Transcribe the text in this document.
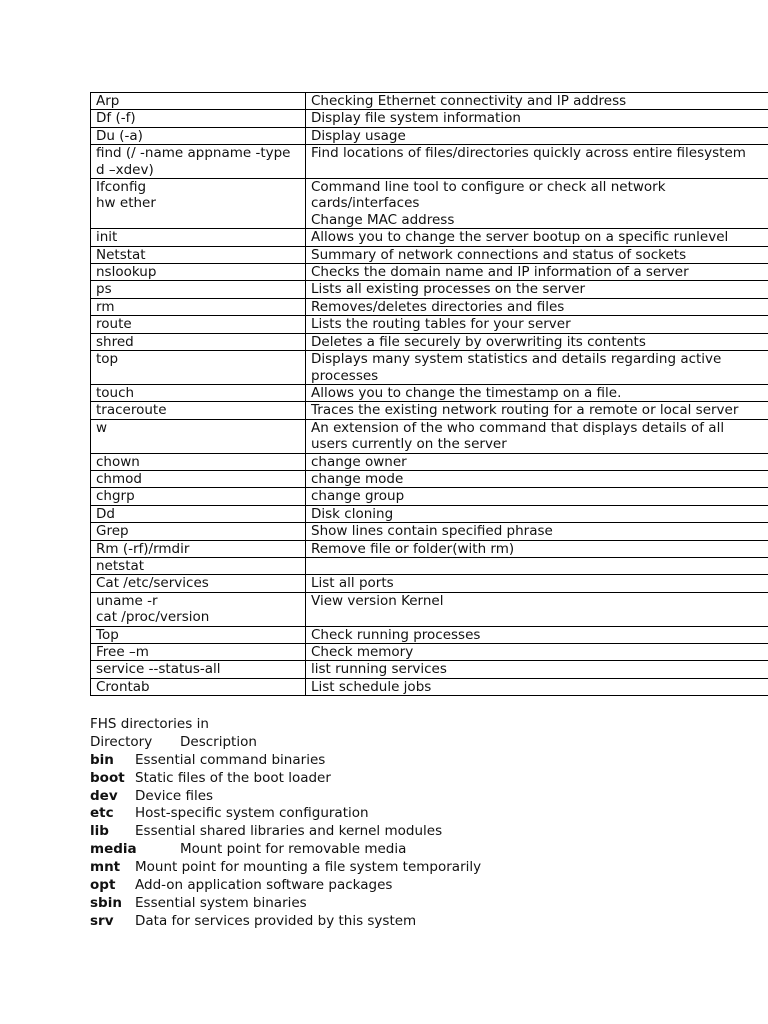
Arp	Checking Ethernet connectivity and IP address
Df (-f)	Display file system information
Du (-a)	Display usage
find (/ -name appname -type
d –xdev)	Find locations of files/directories quickly across entire filesystem
Ifconfig
hw ether	Command line tool to configure or check all network
cards/interfaces
Change MAC address
init	Allows you to change the server bootup on a specific runlevel
Netstat	Summary of network connections and status of sockets
nslookup	Checks the domain name and IP information of a server
ps	Lists all existing processes on the server
rm	Removes/deletes directories and files
route	Lists the routing tables for your server
shred	Deletes a file securely by overwriting its contents
top	Displays many system statistics and details regarding active
processes
touch	Allows you to change the timestamp on a file.
traceroute	Traces the existing network routing for a remote or local server
w	An extension of the who command that displays details of all
users currently on the server
chown	change owner
chmod	change mode
chgrp	change group
Dd	Disk cloning
Grep	Show lines contain specified phrase
Rm (-rf)/rmdir	Remove file or folder(with rm)
netstat	
Cat /etc/services	List all ports
uname -r
cat /proc/version	View version Kernel
Top	Check running processes
Free –m	Check memory
service --status-all	list running services
Crontab	List schedule jobs
FHS directories in
Directory Description
bin Essential command binaries
boot Static files of the boot loader
dev Device files
etc Host-specific system configuration
lib Essential shared libraries and kernel modules
media	Mount point for removable media
mnt Mount point for mounting a file system temporarily
opt Add-on application software packages
sbin Essential system binaries
srv Data for services provided by this system
